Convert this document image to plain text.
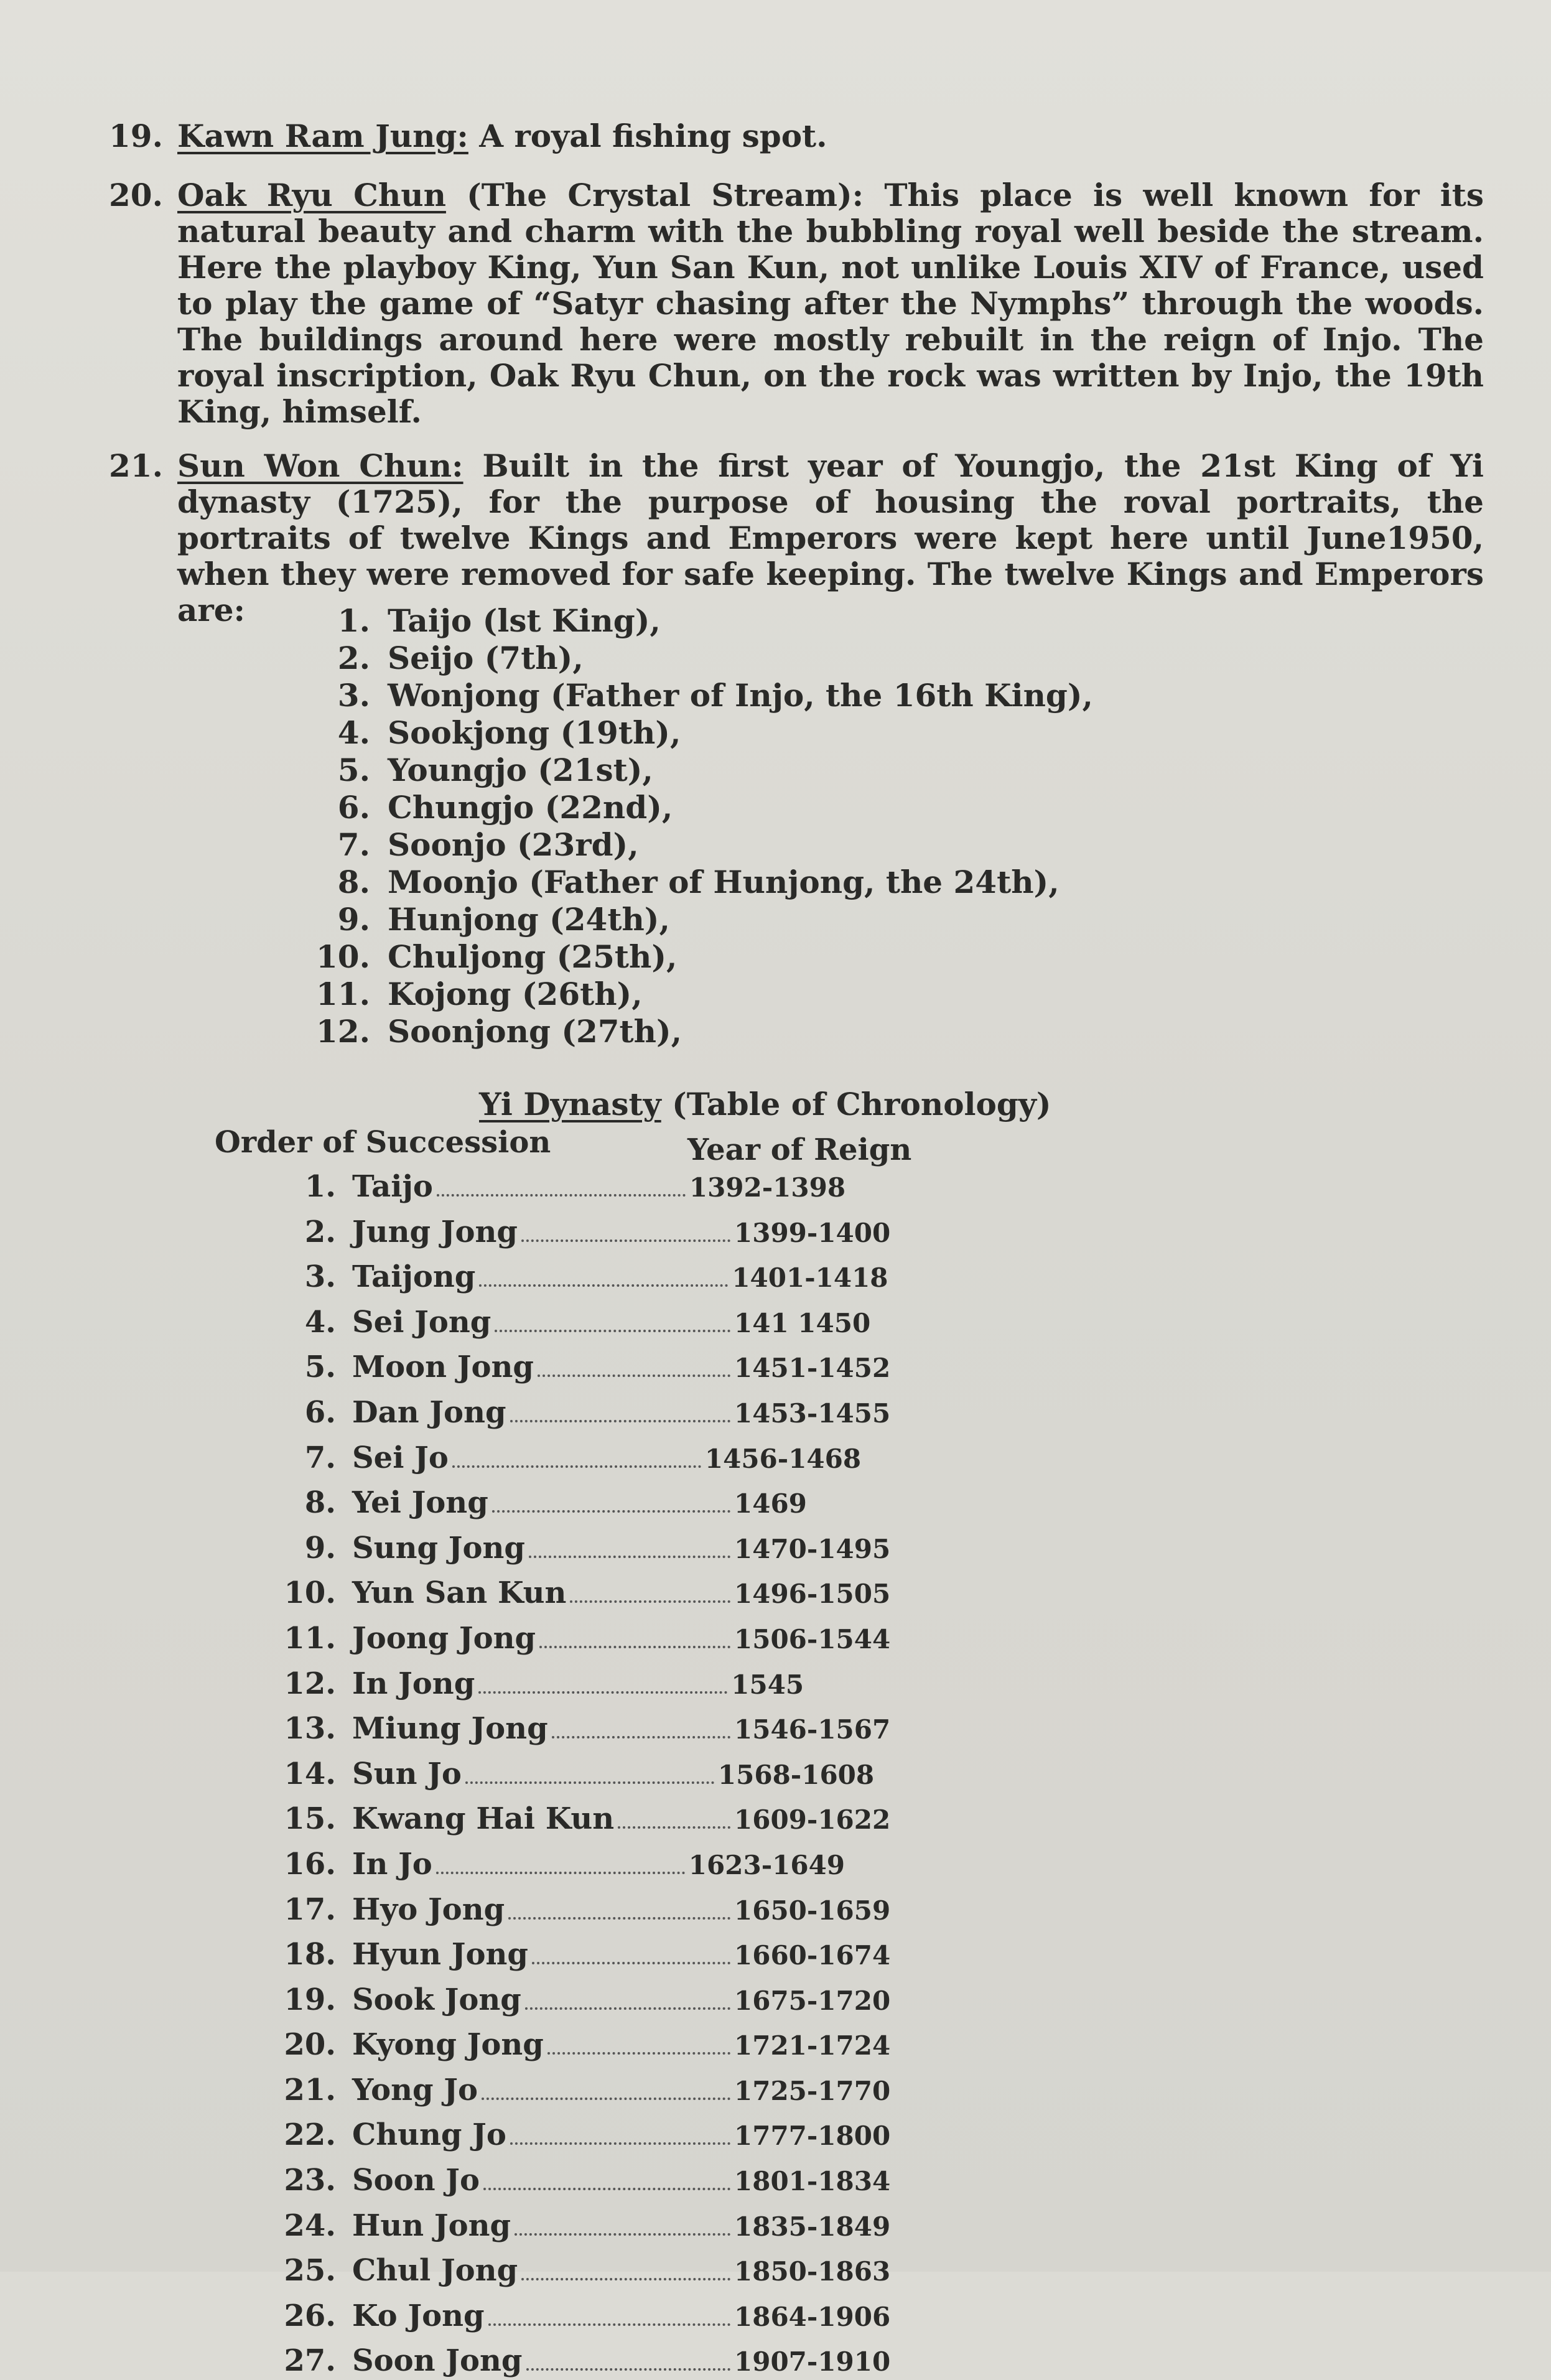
19. Kawn Ram Jung: A royal fishing spot.
20. Oak Ryu Chun (The Crystal Stream): This place is well known for its natural beauty and charm with the bubbling royal well beside the stream. Here the playboy King, Yun San Kun, not unlike Louis XIV of France, used to play the game of “Satyr chasing after the Nymphs” through the woods. The buildings around here were mostly rebuilt in the reign of Injo. The royal inscription, Oak Ryu Chun, on the rock was written by Injo, the 19th King, himself.

21. Sun Won Chun: Built in the first year of Youngjo, the 21st King of Yi dynasty (1725), for the purpose of housing the roval portraits, the portraits of twelve Kings and Emperors were kept here until June1950, when they were removed for safe keeping. The twelve Kings and Emperors are:	1. Taijo (lst King),
2. Seijo (7th),
3. Wonjong (Father of Injo, the 16th King),
4. Sookjong (19th),
5. Youngjo (21st),
6. Chungjo (22nd),
7. Soonjo (23rd),
8. Moonjo (Father of Hunjong, the 24th),
9. Hunjong (24th),
10. Chuljong (25th),
11. Kojong (26th),
12. Soonjong (27th),
Yi Dynasty (Table of Chronology)
Order of Succession	Year of Reign
1. Taijo	1392-1398
2. Jung Jong	1399-1400
3. Taijong	1401-1418
4. Sei Jong	141 1450
5. Moon Jong	1451-1452
6. Dan Jong	1453-1455
7. Sei Jo	1456-1468
8. Yei Jong	1469
9. Sung Jong	1470-1495
10. Yun San Kun	1496-1505
11. Joong Jong	1506-1544
12. In Jong	1545
13. Miung Jong	1546-1567
14. Sun Jo	1568-1608
15. Kwang Hai Kun	1609-1622
16. In Jo	1623-1649
17. Hyo Jong	1650-1659
18. Hyun Jong	1660-1674
19. Sook Jong	1675-1720
20. Kyong Jong	1721-1724
21. Yong Jo	1725-1770
22. Chung Jo	1777-1800
23. Soon Jo	1801-1834
24. Hun Jong	1835-1849
25. Chul Jong	1850-1863
26. Ko Jong	1864-1906
27. Soon Jong	1907-1910
